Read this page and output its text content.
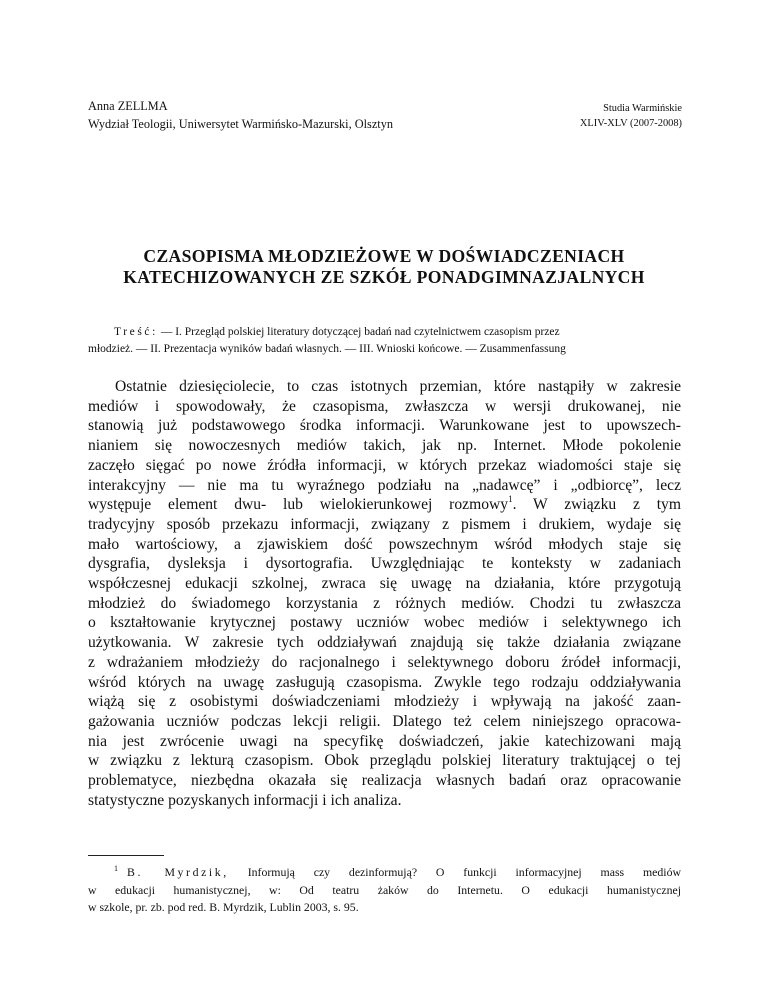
Anna ZELLMA
Wydział Teologii, Uniwersytet Warmińsko-Mazurski, Olsztyn
Studia Warmińskie
XLIV-XLV (2007-2008)
CZASOPISMA MŁODZIEŻOWE W DOŚWIADCZENIACH
KATECHIZOWANYCH ZE SZKÓŁ PONADGIMNAZJALNYCH
Treść: — I. Przegląd polskiej literatury dotyczącej badań nad czytelnictwem czasopism przez
młodzież. — II. Prezentacja wyników badań własnych. — III. Wnioski końcowe. — Zusammenfassung
Ostatnie dziesięciolecie, to czas istotnych przemian, które nastąpiły w zakresie
mediów i spowodowały, że czasopisma, zwłaszcza w wersji drukowanej, nie
stanowią już podstawowego środka informacji. Warunkowane jest to upowszech-
nianiem się nowoczesnych mediów takich, jak np. Internet. Młode pokolenie
zaczęło sięgać po nowe źródła informacji, w których przekaz wiadomości staje się
interakcyjny — nie ma tu wyraźnego podziału na „nadawcę” i „odbiorcę”, lecz
występuje element dwu- lub wielokierunkowej rozmowy$^1$. W związku z tym
tradycyjny sposób przekazu informacji, związany z pismem i drukiem, wydaje się
mało wartościowy, a zjawiskiem dość powszechnym wśród młodych staje się
dysgrafia, dysleksja i dysortografia. Uwzględniając te konteksty w zadaniach
współczesnej edukacji szkolnej, zwraca się uwagę na działania, które przygotują
młodzież do świadomego korzystania z różnych mediów. Chodzi tu zwłaszcza
o kształtowanie krytycznej postawy uczniów wobec mediów i selektywnego ich
użytkowania. W zakresie tych oddziaływań znajdują się także działania związane
z wdrażaniem młodzieży do racjonalnego i selektywnego doboru źródeł informacji,
wśród których na uwagę zasługują czasopisma. Zwykle tego rodzaju oddziaływania
wiążą się z osobistymi doświadczeniami młodzieży i wpływają na jakość zaan-
gażowania uczniów podczas lekcji religii. Dlatego też celem niniejszego opracowa-
nia jest zwrócenie uwagi na specyfikę doświadczeń, jakie katechizowani mają
w związku z lekturą czasopism. Obok przeglądu polskiej literatury traktującej o tej
problematyce, niezbędna okazała się realizacja własnych badań oraz opracowanie
statystyczne pozyskanych informacji i ich analiza.
$^1$ B. Myrdzik, Informują czy dezinformują? O funkcji informacyjnej mass mediów
w edukacji humanistycznej, w: Od teatru żaków do Internetu. O edukacji humanistycznej
w szkole, pr. zb. pod red. B. Myrdzik, Lublin 2003, s. 95.
